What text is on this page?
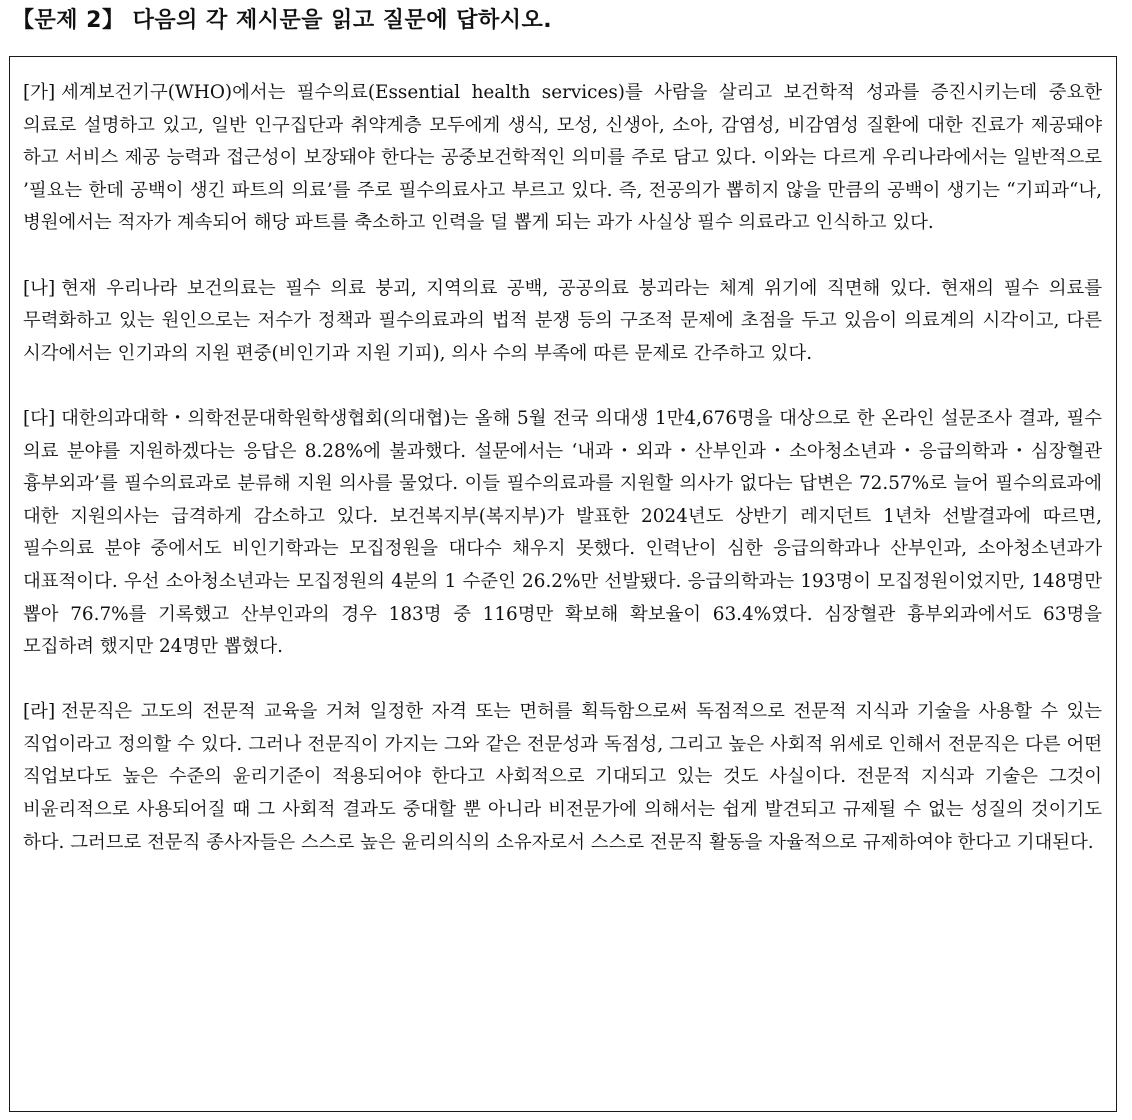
【문제 2】 다음의 각 제시문을 읽고 질문에 답하시오.

[가] 세계보건기구(WHO)에서는 필수의료(Essential health services)를 사람을 살리고 보건학적 성과를 증진시키는데 중요한 의료로 설명하고 있고, 일반 인구집단과 취약계층 모두에게 생식, 모성, 신생아, 소아, 감염성, 비감염성 질환에 대한 진료가 제공돼야 하고 서비스 제공 능력과 접근성이 보장돼야 한다는 공중보건학적인 의미를 주로 담고 있다. 이와는 다르게 우리나라에서는 일반적으로 ’필요는 한데 공백이 생긴 파트의 의료’를 주로 필수의료사고 부르고 있다. 즉, 전공의가 뽑히지 않을 만큼의 공백이 생기는 “기피과“나, 병원에서는 적자가 계속되어 해당 파트를 축소하고 인력을 덜 뽑게 되는 과가 사실상 필수 의료라고 인식하고 있다.

[나] 현재 우리나라 보건의료는 필수 의료 붕괴, 지역의료 공백, 공공의료 붕괴라는 체계 위기에 직면해 있다. 현재의 필수 의료를 무력화하고 있는 원인으로는 저수가 정책과 필수의료과의 법적 분쟁 등의 구조적 문제에 초점을 두고 있음이 의료계의 시각이고, 다른 시각에서는 인기과의 지원 편중(비인기과 지원 기피), 의사 수의 부족에 따른 문제로 간주하고 있다.

[다] 대한의과대학・의학전문대학원학생협회(의대협)는 올해 5월 전국 의대생 1만4,676명을 대상으로 한 온라인 설문조사 결과, 필수 의료 분야를 지원하겠다는 응답은 8.28%에 불과했다. 설문에서는 ‘내과・외과・산부인과・소아청소년과・응급의학과・심장혈관 흉부외과’를 필수의료과로 분류해 지원 의사를 물었다. 이들 필수의료과를 지원할 의사가 없다는 답변은 72.57%로 늘어 필수의료과에 대한 지원의사는 급격하게 감소하고 있다. 보건복지부(복지부)가 발표한 2024년도 상반기 레지던트 1년차 선발결과에 따르면, 필수의료 분야 중에서도 비인기학과는 모집정원을 대다수 채우지 못했다. 인력난이 심한 응급의학과나 산부인과, 소아청소년과가 대표적이다. 우선 소아청소년과는 모집정원의 4분의 1 수준인 26.2%만 선발됐다. 응급의학과는 193명이 모집정원이었지만, 148명만 뽑아 76.7%를 기록했고 산부인과의 경우 183명 중 116명만 확보해 확보율이 63.4%였다. 심장혈관 흉부외과에서도 63명을 모집하려 했지만 24명만 뽑혔다.

[라] 전문직은 고도의 전문적 교육을 거쳐 일정한 자격 또는 면허를 획득함으로써 독점적으로 전문적 지식과 기술을 사용할 수 있는 직업이라고 정의할 수 있다. 그러나 전문직이 가지는 그와 같은 전문성과 독점성, 그리고 높은 사회적 위세로 인해서 전문직은 다른 어떤 직업보다도 높은 수준의 윤리기준이 적용되어야 한다고 사회적으로 기대되고 있는 것도 사실이다. 전문적 지식과 기술은 그것이 비윤리적으로 사용되어질 때 그 사회적 결과도 중대할 뿐 아니라 비전문가에 의해서는 쉽게 발견되고 규제될 수 없는 성질의 것이기도 하다. 그러므로 전문직 종사자들은 스스로 높은 윤리의식의 소유자로서 스스로 전문직 활동을 자율적으로 규제하여야 한다고 기대된다.
